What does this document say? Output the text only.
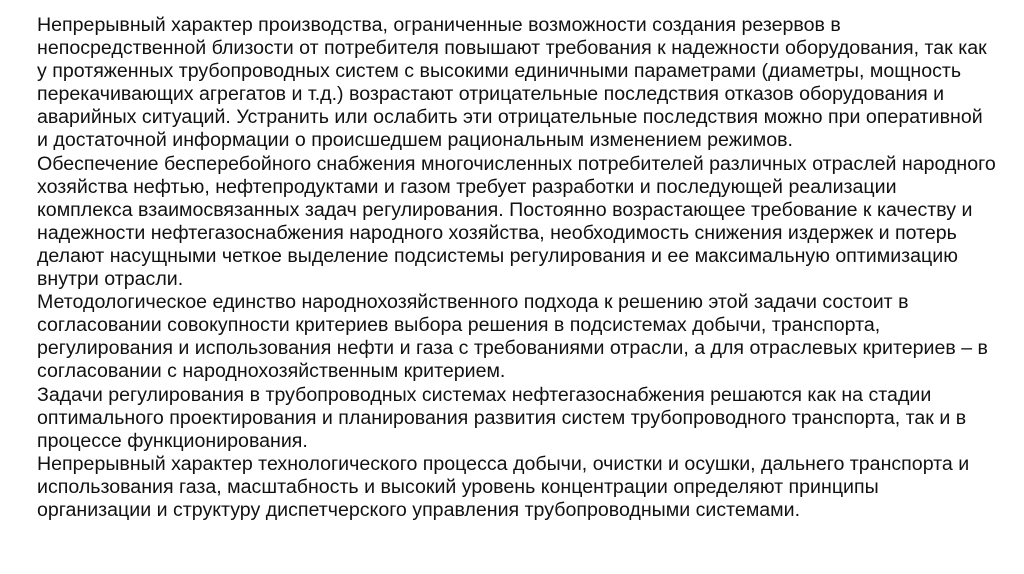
Непрерывный характер производства, ограниченные возможности создания резервов в непосредственной близости от потребителя повышают требования к надежности оборудования, так как у протяженных трубопроводных систем с высокими единичными параметрами (диаметры, мощность перекачивающих агрегатов и т.д.) возрастают отрицательные последствия отказов оборудования и аварийных ситуаций. Устранить или ослабить эти отрицательные последствия можно при оперативной и достаточной информации о происшедшем рациональным изменением режимов.

Обеспечение бесперебойного снабжения многочисленных потребителей различных отраслей народного хозяйства нефтью, нефтепродуктами и газом требует разработки и последующей реализации комплекса взаимосвязанных задач регулирования. Постоянно возрастающее требование к качеству и надежности нефтегазоснабжения народного хозяйства, необходимость снижения издержек и потерь делают насущными четкое выделение подсистемы регулирования и ее максимальную оптимизацию внутри отрасли.

Методологическое единство народнохозяйственного подхода к решению этой задачи состоит в согласовании совокупности критериев выбора решения в подсистемах добычи, транспорта, регулирования и использования нефти и газа с требованиями отрасли, а для отраслевых критериев – в согласовании с народнохозяйственным критерием.

Задачи регулирования в трубопроводных системах нефтегазоснабжения решаются как на стадии оптимального проектирования и планирования развития систем трубопроводного транспорта, так и в процессе функционирования.

Непрерывный характер технологического процесса добычи, очистки и осушки, дальнего транспорта и использования газа, масштабность и высокий уровень концентрации определяют принципы организации и структуру диспетчерского управления трубопроводными системами.
